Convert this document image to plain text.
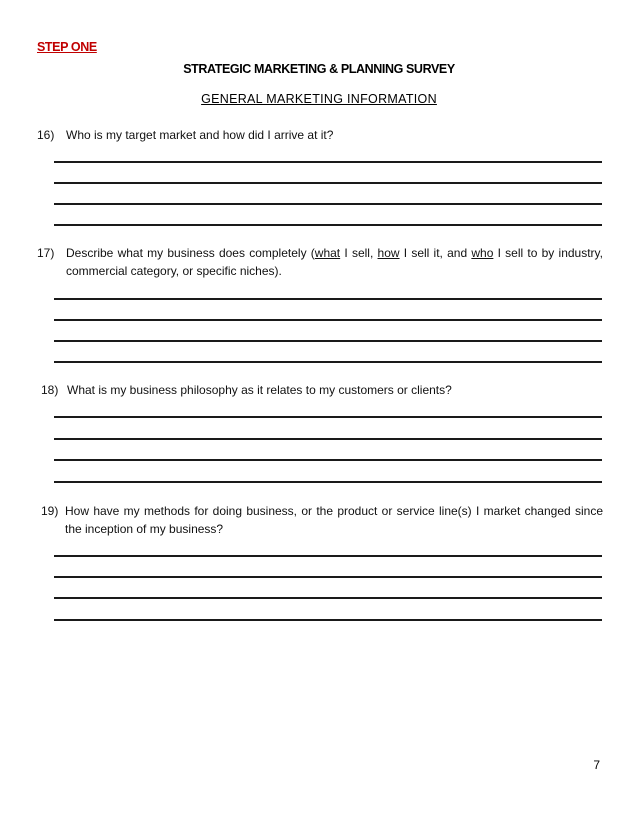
STEP ONE
STRATEGIC MARKETING & PLANNING SURVEY
GENERAL MARKETING INFORMATION
16) Who is my target market and how did I arrive at it?
17) Describe what my business does completely (what I sell, how I sell it, and who I sell to by industry, commercial category, or specific niches).
18) What is my business philosophy as it relates to my customers or clients?
19) How have my methods for doing business, or the product or service line(s) I market changed since the inception of my business?
7
